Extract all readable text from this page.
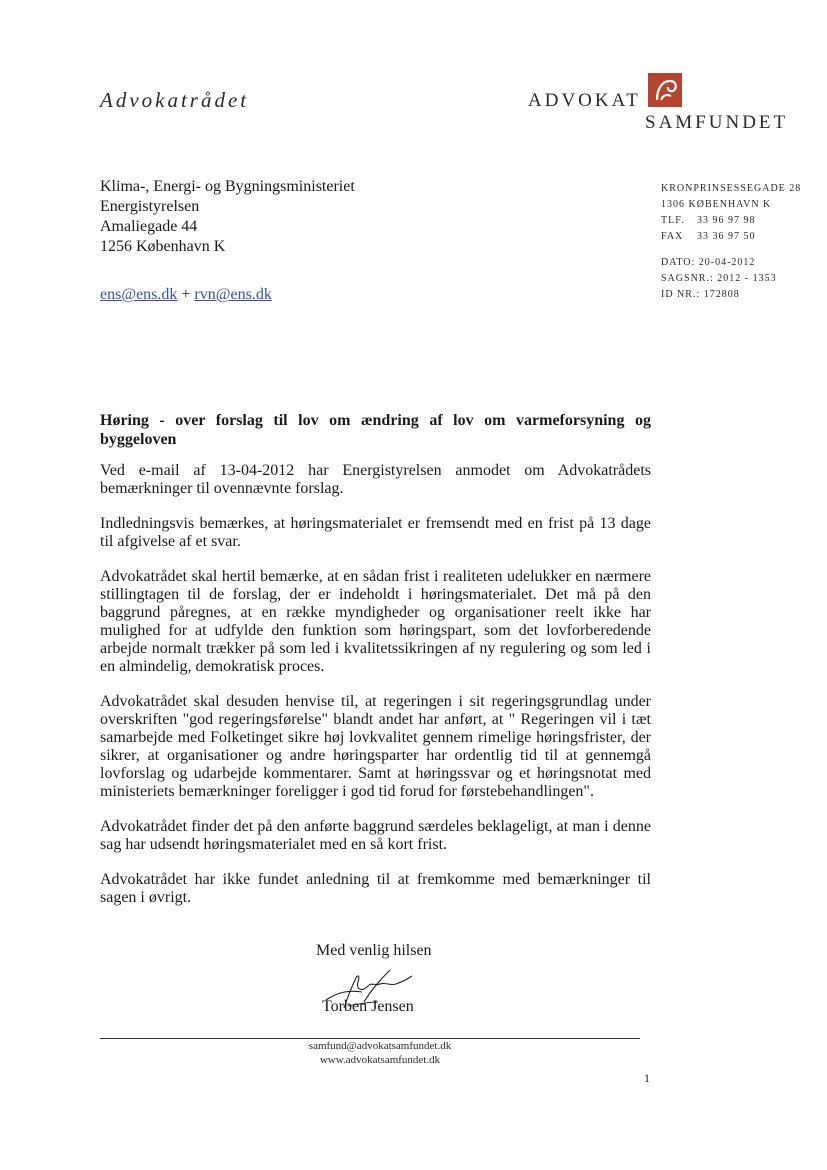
Advokatrådet	ADVOKAT
SAMFUNDET
Klima-, Energi- og Bygningsministeriet
Energistyrelsen
Amaliegade 44
1256 København K
ens@ens.dk + rvn@ens.dk
KRONPRINSESSEGADE 28
1306 KØBENHAVN K
TLF. 33 96 97 98
FAX 33 36 97 50
DATO: 20-04-2012
SAGSNR.: 2012 - 1353
ID NR.: 172808
Høring - over forslag til lov om ændring af lov om varmeforsyning og byggeloven

Ved e-mail af 13-04-2012 har Energistyrelsen anmodet om Advokatrådets bemærkninger til ovennævnte forslag.

Indledningsvis bemærkes, at høringsmaterialet er fremsendt med en frist på 13 dage til afgivelse af et svar.

Advokatrådet skal hertil bemærke, at en sådan frist i realiteten udelukker en nærmere stillingtagen til de forslag, der er indeholdt i høringsmaterialet. Det må på den baggrund påregnes, at en række myndigheder og organisationer reelt ikke har mulighed for at udfylde den funktion som høringspart, som det lovforberedende arbejde normalt trækker på som led i kvalitetssikringen af ny regulering og som led i en almindelig, demokratisk proces.

Advokatrådet skal desuden henvise til, at regeringen i sit regeringsgrundlag under overskriften "god regeringsførelse" blandt andet har anført, at " Regeringen vil i tæt samarbejde med Folketinget sikre høj lovkvalitet gennem rimelige høringsfrister, der sikrer, at organisationer og andre høringsparter har ordentlig tid til at gennemgå lovforslag og udarbejde kommentarer. Samt at høringssvar og et høringsnotat med ministeriets bemærkninger foreligger i god tid forud for førstebehandlingen".

Advokatrådet finder det på den anførte baggrund særdeles beklageligt, at man i denne sag har udsendt høringsmaterialet med en så kort frist.

Advokatrådet har ikke fundet anledning til at fremkomme med bemærkninger til sagen i øvrigt.

Med venlig hilsen
Torben Jensen
samfund@advokatsamfundet.dk
www.advokatsamfundet.dk
1
